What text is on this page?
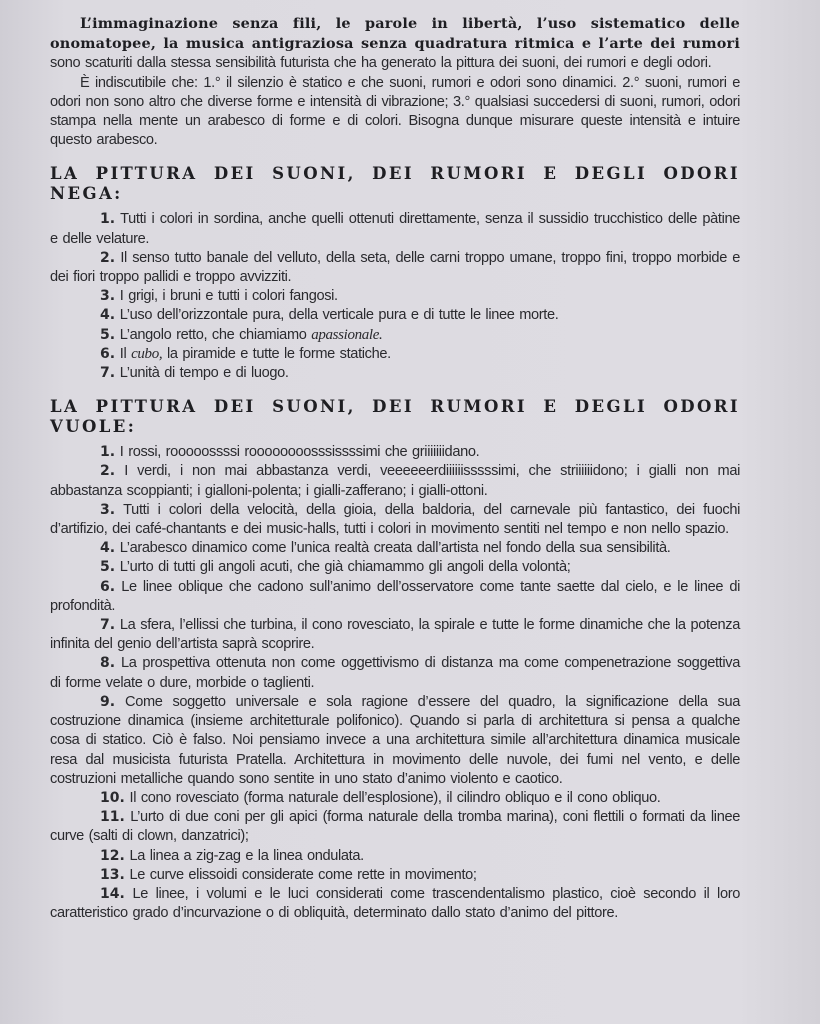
L’immaginazione senza fili, le parole in libertà, l’uso sistematico delle onomatopee, la musica antigraziosa senza quadratura ritmica e l’arte dei rumori sono scaturiti dalla stessa sensibilità futurista che ha generato la pittura dei suoni, dei rumori e degli odori.

È indiscutibile che: 1.° il silenzio è statico e che suoni, rumori e odori sono dinamici. 2.° suoni, rumori e odori non sono altro che diverse forme e intensità di vibrazione; 3.° qualsiasi succedersi di suoni, rumori, odori stampa nella mente un arabesco di forme e di colori. Bisogna dunque misurare queste intensità e intuire questo arabesco.

LA PITTURA DEI SUONI, DEI RUMORI E DEGLI ODORI NEGA:

1. Tutti i colori in sordina, anche quelli ottenuti direttamente, senza il sussidio trucchistico delle pàtine e delle velature.

2. Il senso tutto banale del velluto, della seta, delle carni troppo umane, troppo fini, troppo morbide e dei fiori troppo pallidi e troppo avvizziti.

3. I grigi, i bruni e tutti i colori fangosi.

4. L’uso dell’orizzontale pura, della verticale pura e di tutte le linee morte.

5. L’angolo retto, che chiamiamo apassionale.

6. Il cubo, la piramide e tutte le forme statiche.

7. L’unità di tempo e di luogo.

LA PITTURA DEI SUONI, DEI RUMORI E DEGLI ODORI VUOLE:

1. I rossi, rooooossssi roooooooosssissssimi che griiiiiiidano.

2. I verdi, i non mai abbastanza verdi, veeeeeerdiiiiiisssssimi, che striiiiiidono; i gialli non mai abbastanza scoppianti; i gialloni-polenta; i gialli-zafferano; i gialli-ottoni.

3. Tutti i colori della velocità, della gioia, della baldoria, del carnevale più fantastico, dei fuochi d’artifizio, dei café-chantants e dei music-halls, tutti i colori in movimento sentiti nel tempo e non nello spazio.

4. L’arabesco dinamico come l’unica realtà creata dall’artista nel fondo della sua sensibilità.

5. L’urto di tutti gli angoli acuti, che già chiamammo gli angoli della volontà;

6. Le linee oblique che cadono sull’animo dell’osservatore come tante saette dal cielo, e le linee di profondità.

7. La sfera, l’ellissi che turbina, il cono rovesciato, la spirale e tutte le forme dinamiche che la potenza infinita del genio dell’artista saprà scoprire.

8. La prospettiva ottenuta non come oggettivismo di distanza ma come compenetrazione soggettiva di forme velate o dure, morbide o taglienti.

9. Come soggetto universale e sola ragione d’essere del quadro, la significazione della sua costruzione dinamica (insieme architetturale polifonico). Quando si parla di architettura si pensa a qualche cosa di statico. Ciò è falso. Noi pensiamo invece a una architettura simile all’architettura dinamica musicale resa dal musicista futurista Pratella. Architettura in movimento delle nuvole, dei fumi nel vento, e delle costruzioni metalliche quando sono sentite in uno stato d’animo violento e caotico.

10. Il cono rovesciato (forma naturale dell’esplosione), il cilindro obliquo e il cono obliquo.

11. L’urto di due coni per gli apici (forma naturale della tromba marina), coni flettili o formati da linee curve (salti di clown, danzatrici);

12. La linea a zig-zag e la linea ondulata.

13. Le curve elissoidi considerate come rette in movimento;

14. Le linee, i volumi e le luci considerati come trascendentalismo plastico, cioè secondo il loro caratteristico grado d’incurvazione o di obliquità, determinato dallo stato d’animo del pittore.
